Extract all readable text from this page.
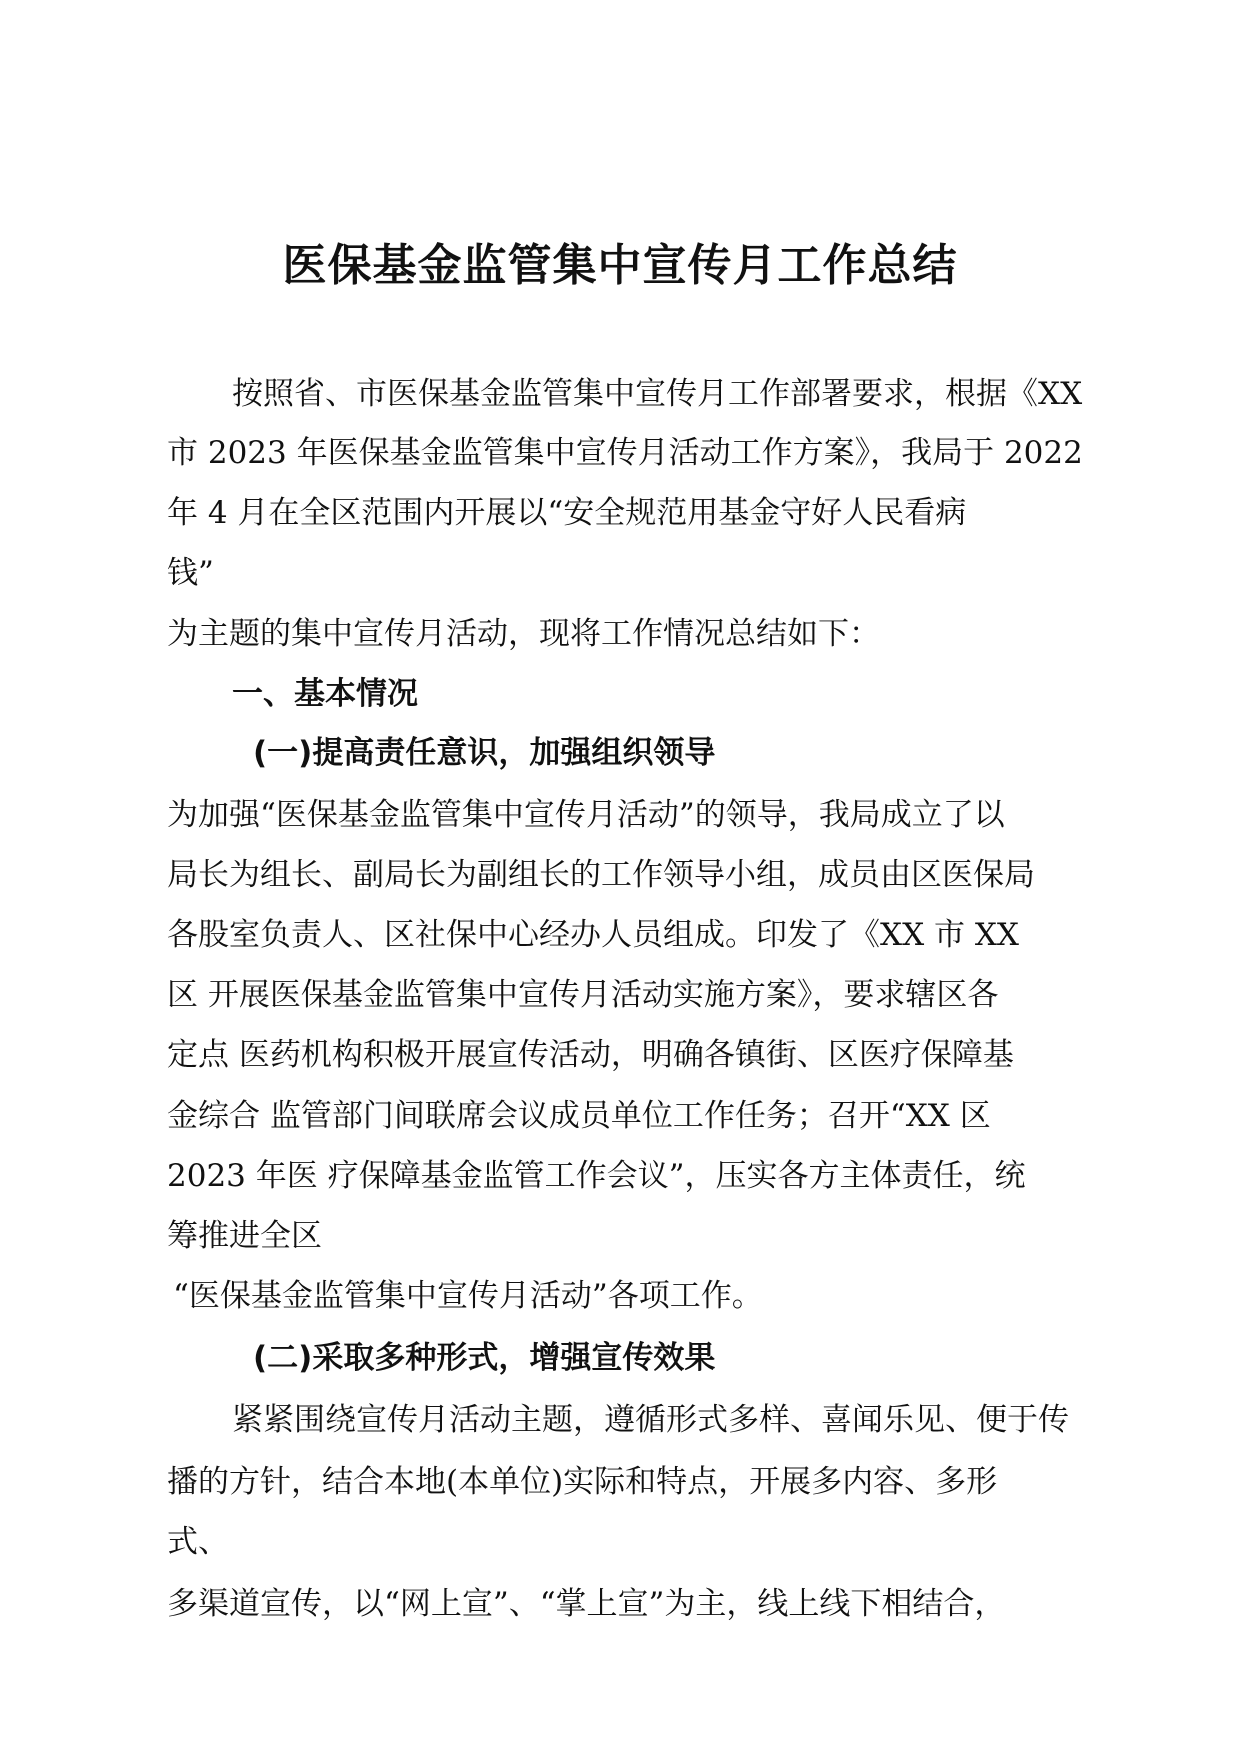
医保基金监管集中宣传月工作总结
按照省、市医保基金监管集中宣传月工作部署要求，根据《XX
市 2023 年医保基金监管集中宣传月活动工作方案》，我局于 2022
年 4 月在全区范围内开展以“安全规范用基金守好人民看病
钱”
为主题的集中宣传月活动，现将工作情况总结如下：
一、基本情况
(一)提高责任意识，加强组织领导
为加强“医保基金监管集中宣传月活动”的领导，我局成立了以
局长为组长、副局长为副组长的工作领导小组，成员由区医保局
各股室负责人、区社保中心经办人员组成。印发了《XX 市 XX
区 开展医保基金监管集中宣传月活动实施方案》，要求辖区各
定点 医药机构积极开展宣传活动，明确各镇街、区医疗保障基
金综合 监管部门间联席会议成员单位工作任务；召开“XX 区
2023 年医 疗保障基金监管工作会议”，压实各方主体责任，统
筹推进全区
“医保基金监管集中宣传月活动”各项工作。
(二)采取多种形式，增强宣传效果
紧紧围绕宣传月活动主题，遵循形式多样、喜闻乐见、便于传
播的方针，结合本地(本单位)实际和特点，开展多内容、多形
式、
多渠道宣传，以“网上宣”、“掌上宣”为主，线上线下相结合，
